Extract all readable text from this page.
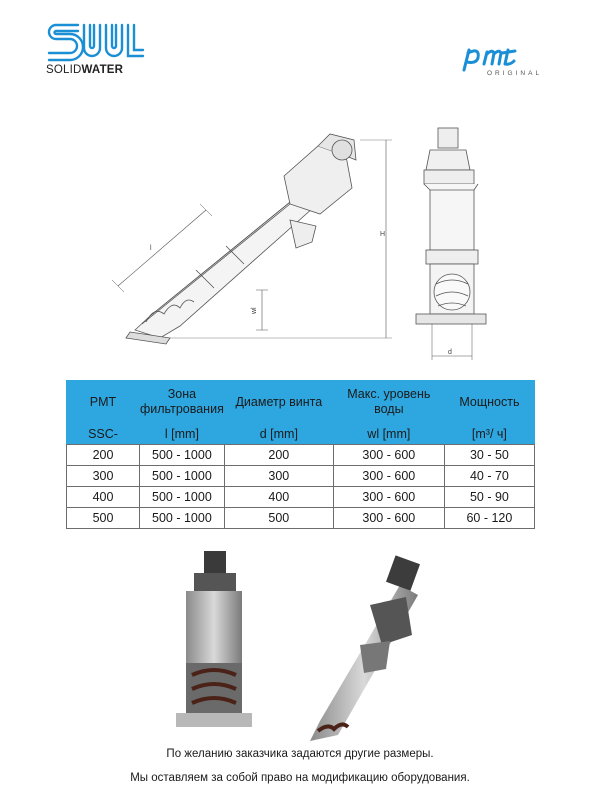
SOLIDWATER	ORIGINAL
l
wl
H
d
PMT	Зона фильтрования	Диаметр винта	Макс. уровень воды	Мощность
SSC-	l [mm]	d [mm]	wl [mm]	[m³/ ч]
200	500 - 1000	200	300 - 600	30 - 50
300	500 - 1000	300	300 - 600	40 - 70
400	500 - 1000	400	300 - 600	50 - 90
500	500 - 1000	500	300 - 600	60 - 120
По желанию заказчика задаются другие размеры.
Мы оставляем за собой право на модификацию оборудования.
